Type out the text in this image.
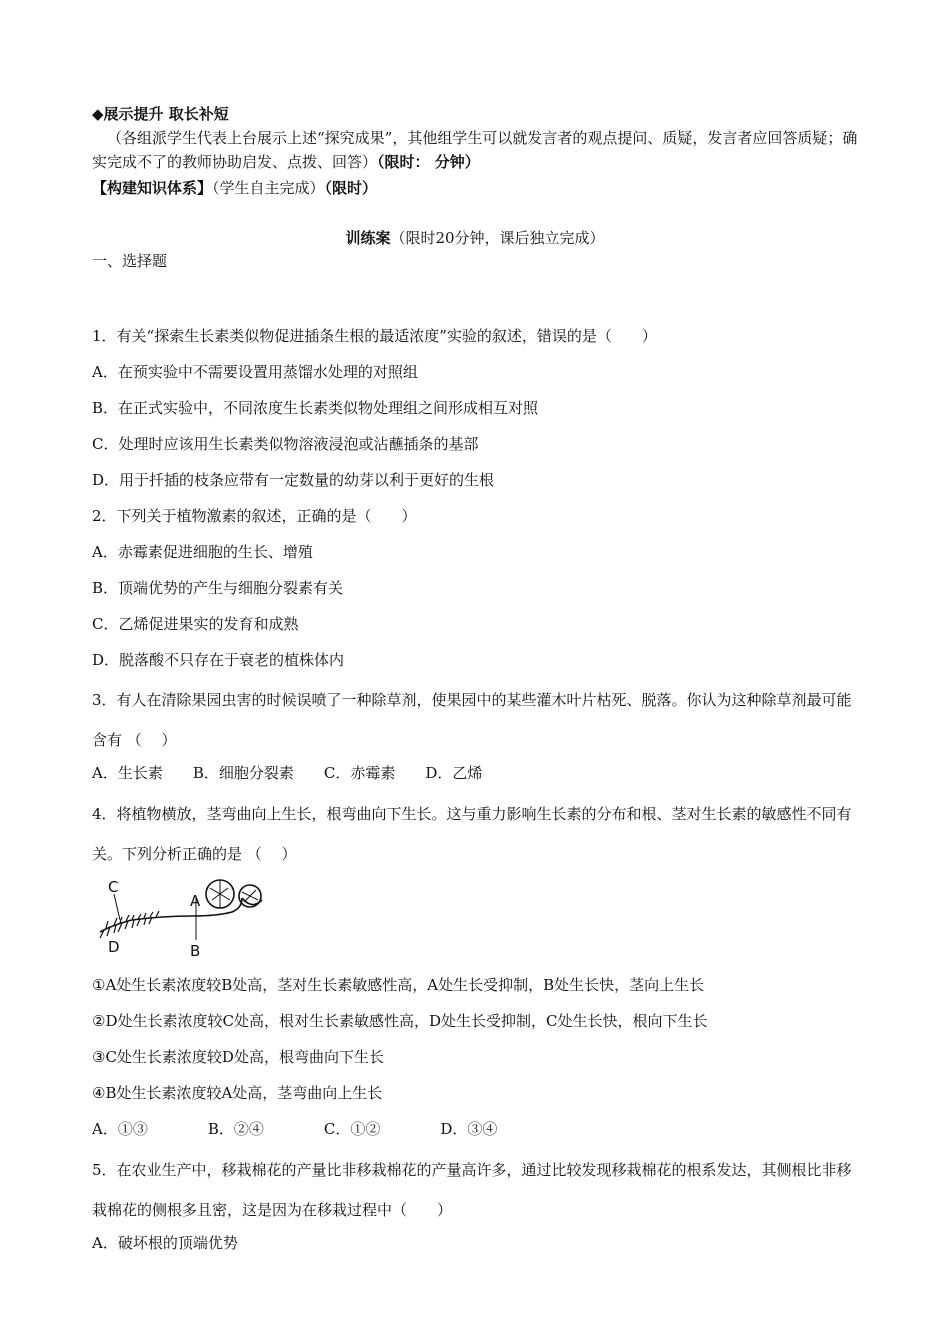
◆展示提升 取长补短
（各组派学生代表上台展示上述“探究成果”，其他组学生可以就发言者的观点提问、质疑，发言者应回答质疑；确实完成不了的教师协助启发、点拨、回答）（限时： 分钟）
【构建知识体系】（学生自主完成）（限时）
训练案（限时20分钟，课后独立完成）
一、选择题
1．有关“探索生长素类似物促进插条生根的最适浓度”实验的叙述，错误的是（　　）
A．在预实验中不需要设置用蒸馏水处理的对照组
B．在正式实验中，不同浓度生长素类似物处理组之间形成相互对照
C．处理时应该用生长素类似物溶液浸泡或沾蘸插条的基部
D．用于扦插的枝条应带有一定数量的幼芽以利于更好的生根
2．下列关于植物激素的叙述，正确的是（　　）
A．赤霉素促进细胞的生长、增殖
B．顶端优势的产生与细胞分裂素有关
C．乙烯促进果实的发育和成熟
D．脱落酸不只存在于衰老的植株体内
3．有人在清除果园虫害的时候误喷了一种除草剂，使果园中的某些灌木叶片枯死、脱落。你认为这种除草剂最可能含有 （　 ）
A．生长素　　B．细胞分裂素　　C．赤霉素　　D．乙烯
4．将植物横放，茎弯曲向上生长，根弯曲向下生长。这与重力影响生长素的分布和根、茎对生长素的敏感性不同有关。下列分析正确的是 （　 ）
C
D
A
B
①A处生长素浓度较B处高，茎对生长素敏感性高，A处生长受抑制，B处生长快，茎向上生长
②D处生长素浓度较C处高，根对生长素敏感性高，D处生长受抑制，C处生长快，根向下生长
③C处生长素浓度较D处高，根弯曲向下生长
④B处生长素浓度较A处高，茎弯曲向上生长
A．①③　　　　B．②④　　　　C．①②　　　　D．③④
5．在农业生产中，移栽棉花的产量比非移栽棉花的产量高许多，通过比较发现移栽棉花的根系发达，其侧根比非移栽棉花的侧根多且密，这是因为在移栽过程中（　　）
A．破坏根的顶端优势
